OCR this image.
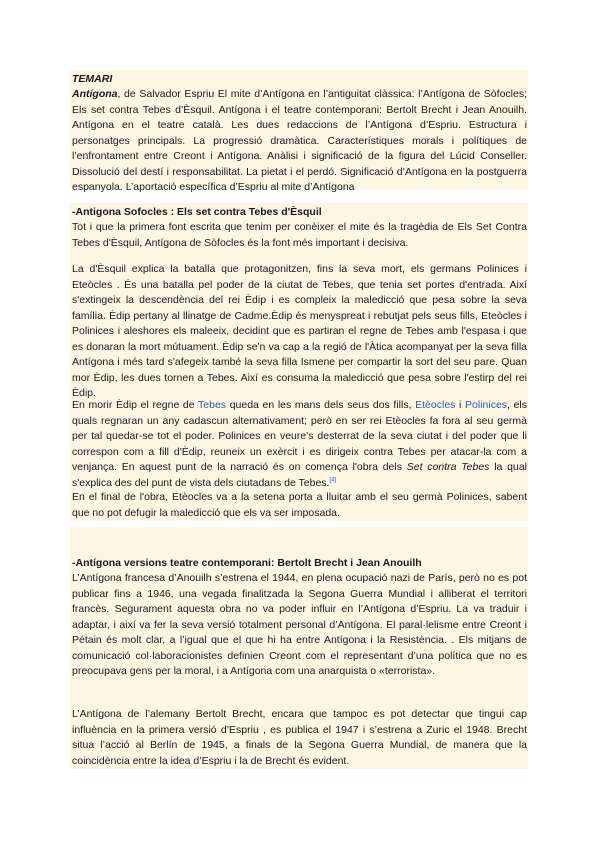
TEMARI

Antígona, de Salvador Espriu El mite d’Antígona en l’antiguitat clàssica: l’Antígona de Sòfocles; Els set contra Tebes d’Èsquil. Antígona i el teatre contemporani: Bertolt Brecht i Jean Anouilh. Antígona en el teatre català. Les dues redaccions de l’Antígona d’Espriu. Estructura i personatges principals. La progressió dramàtica. Característiques morals i polítiques de l’enfrontament entre Creont i Antígona. Anàlisi i significació de la figura del Lúcid Conseller. Dissolució del destí i responsabilitat. La pietat i el perdó. Significació d’Antígona en la postguerra espanyola. L’aportació específica d’Espriu al mite d’Antígona

-Antigona Sofocles : Els set contra Tebes d'Èsquil

Tot i que la primera font escrita que tenim per conèixer el mite és la tragèdia de Els Set Contra Tebes d'Èsquil, Antígona de Sòfocles és la font més important i decisiva.

La d'Èsquil explica la batalla que protagonitzen, fins la seva mort, els germans Polinices i Eteòcles . És una batalla pel poder de la ciutat de Tebes, que tenia set portes d'entrada. Així s'extingeix la descendència del rei Èdip i es compleix la maledicció que pesa sobre la seva família. Èdip pertany al llinatge de Cadme.Èdip és menyspreat i rebutjat pels seus fills, Eteòcles i Polinices i aleshores els maleeix, decidint que es partiran el regne de Tebes amb l'espasa i que es donaran la mort mútuament. Èdip se'n va cap a la regió de l'Àtica acompanyat per la seva filla Antígona i més tard s'afegeix també la seva filla Ismene per compartir la sort del seu pare. Quan mor Èdip, les dues tornen a Tebes. Així es consuma la maledicció que pesa sobre l'estirp del rei Èdip.

En morir Èdip el regne de Tebes queda en les mans dels seus dos fills, Etèocles i Polinices, els quals regnaran un any cadascun alternativament; però en ser rei Etèocles fa fora al seu germà per tal quedar-se tot el poder. Polinices en veure's desterrat de la seva ciutat i del poder que li correspon com a fill d'Èdip, reuneix un exèrcit i es dirigeix contra Tebes per atacar-la com a venjança. En aquest punt de la narració és on comença l'obra dels Set contra Tebes la qual s'explica des del punt de vista dels ciutadans de Tebes.[4]

En el final de l'obra, Etèocles va a la setena porta a lluitar amb el seu germà Polinices, sabent que no pot defugir la maledicció que els va ser imposada.

-Antígona versions teatre contemporani: Bertolt Brecht i Jean Anouilh

L’Antígona francesa d’Anouilh s’estrena el 1944, en plena ocupació nazi de París, però no es pot publicar fins a 1946, una vegada finalitzada la Segona Guerra Mundial i alliberat el territori francès. Segurament aquesta obra no va poder influir en l’Antígona d’Espriu. La va traduir i adaptar, i així va fer la seva versió totalment personal d’Antígona. El paral·lelisme entre Creont i Pétain és molt clar, a l’igual que el que hi ha entre Antígona i la Resistència. . Els mitjans de comunicació col·laboracionistes definien Creont com el representant d’una política que no es preocupava gens per la moral, i a Antígona com una anarquista o «terrorista».

L’Antígona de l’alemany Bertolt Brecht, encara que tampoc es pot detectar que tingui cap influència en la primera versió d’Espriu , es publica el 1947 i s’estrena a Zuric el 1948. Brecht situa l’acció al Berlín de 1945, a finals de la Segona Guerra Mundial, de manera que la coincidència entre la idea d’Espriu i la de Brecht és evident.
